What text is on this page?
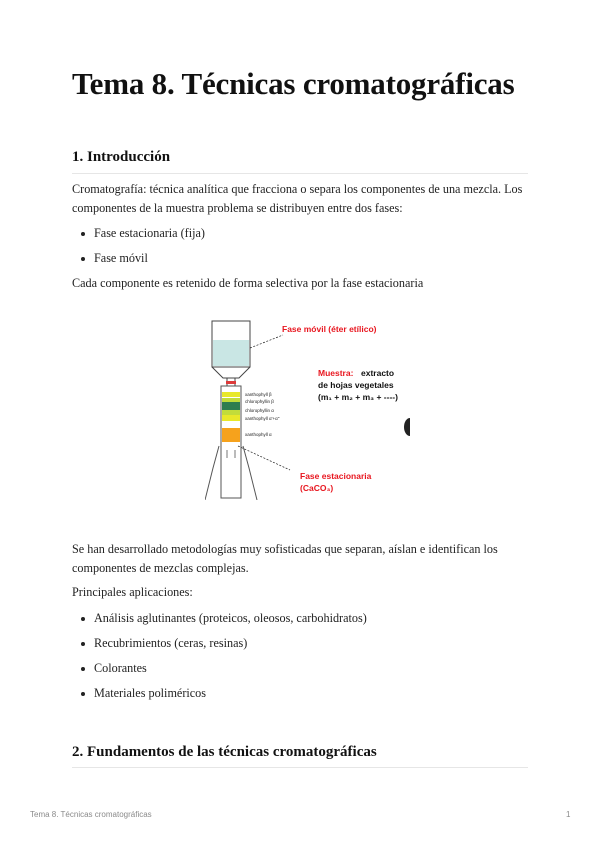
Tema 8. Técnicas cromatográficas
1. Introducción

Cromatografía: técnica analítica que fracciona o separa los componentes de una mezcla. Los
componentes de la muestra problema se distribuyen entre dos fases:

Fase estacionaria (fija)
Fase móvil

Cada componente es retenido de forma selectiva por la fase estacionaria

xanthophyll β
chlorophyllin β
chlorophyllin α
xanthophyll α'+α''
xanthophyll α
Fase móvil (éter etílico)
Muestra: extracto
de hojas vegetales
(m₁ + m₂ + m₃ + ----)
Fase estacionaria
(CaCO₃)

Se han desarrollado metodologías muy sofisticadas que separan, aíslan e identifican los
componentes de mezclas complejas.

Principales aplicaciones:

Análisis aglutinantes (proteicos, oleosos, carbohidratos)
Recubrimientos (ceras, resinas)
Colorantes
Materiales poliméricos
2. Fundamentos de las técnicas cromatográficas
Tema 8. Técnicas cromatográficas	1
